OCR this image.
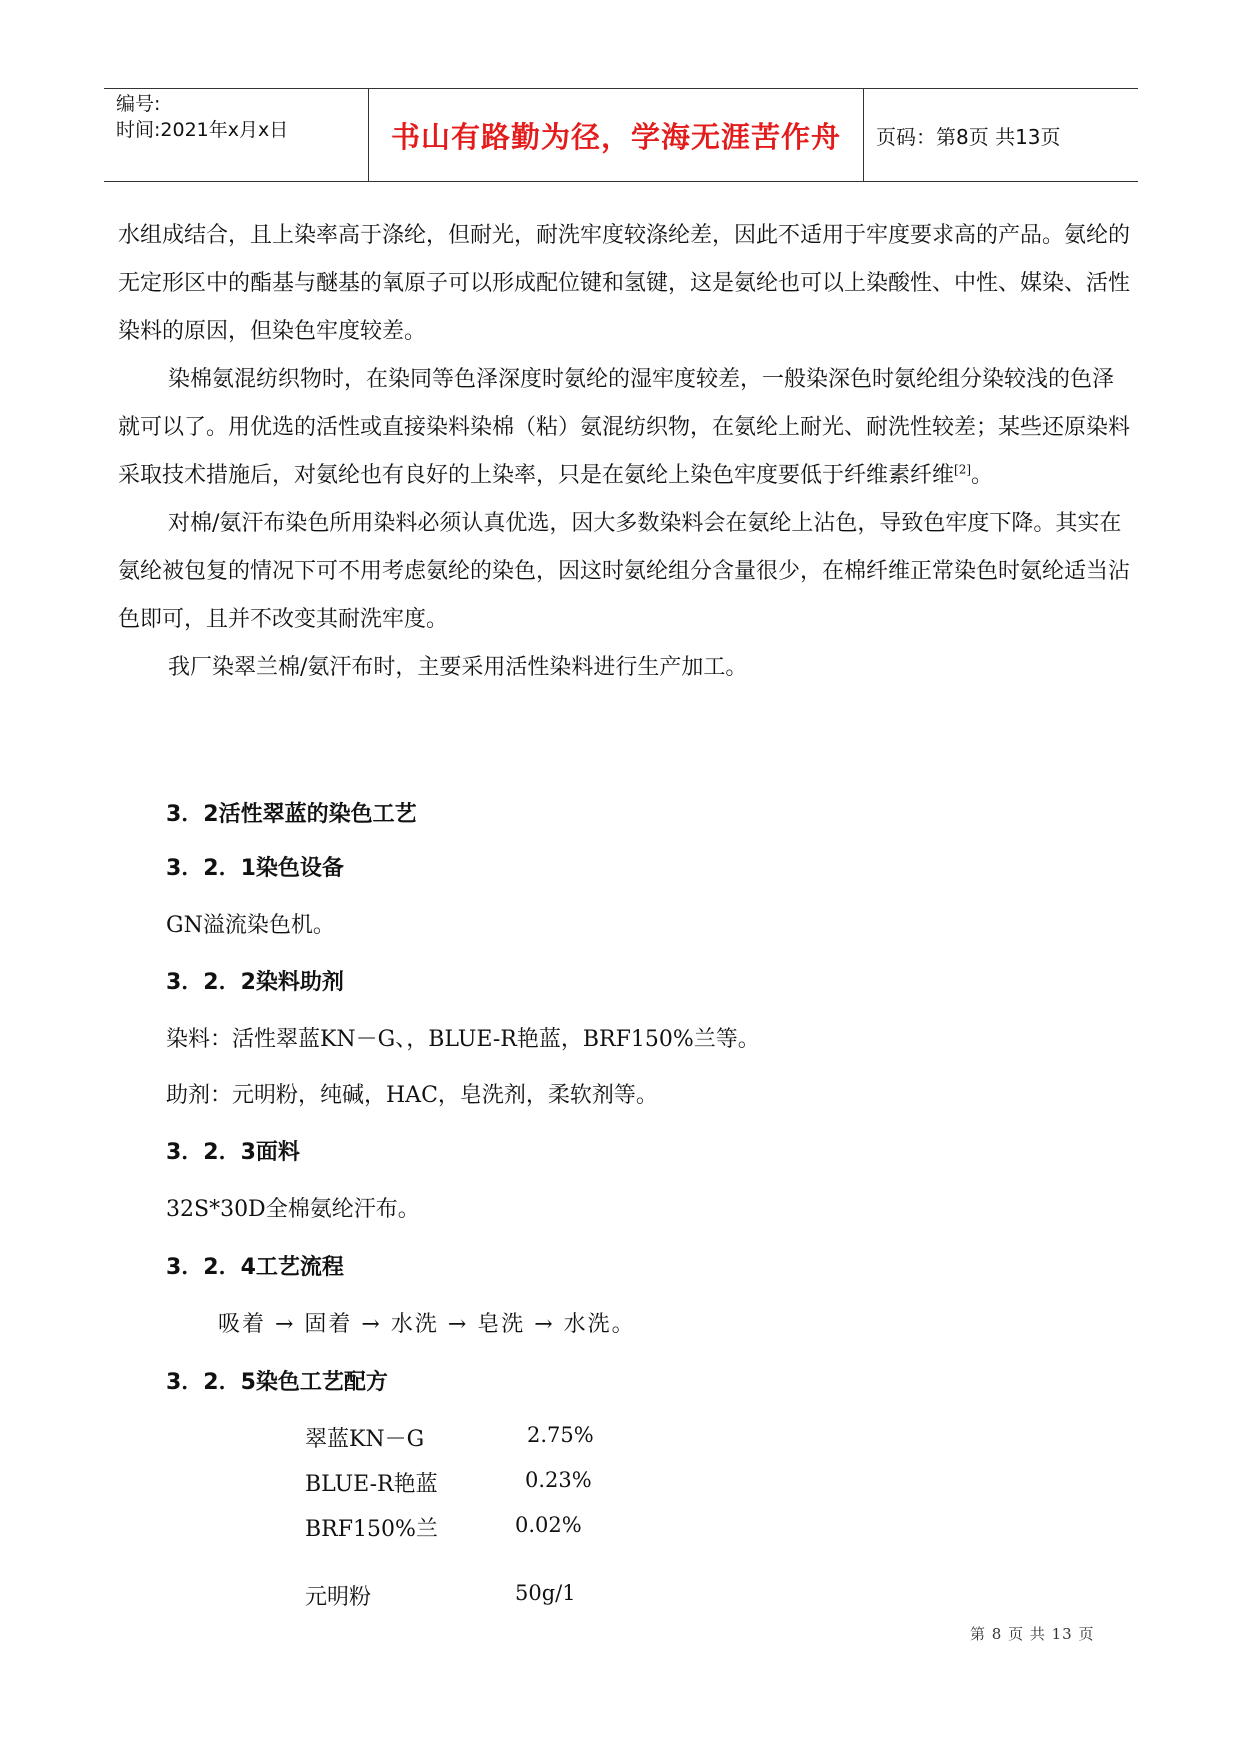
编号:
时间:2021年x月x日	书山有路勤为径，学海无涯苦作舟 页码：第8页 共13页

水组成结合，且上染率高于涤纶，但耐光，耐洗牢度较涤纶差，因此不适用于牢度要求高的产品。氨纶的无定形区中的酯基与醚基的氧原子可以形成配位键和氢键，这是氨纶也可以上染酸性、中性、媒染、活性染料的原因，但染色牢度较差。

染棉氨混纺织物时，在染同等色泽深度时氨纶的湿牢度较差，一般染深色时氨纶组分染较浅的色泽就可以了。用优选的活性或直接染料染棉（粘）氨混纺织物，在氨纶上耐光、耐洗性较差；某些还原染料采取技术措施后，对氨纶也有良好的上染率，只是在氨纶上染色牢度要低于纤维素纤维[2]。

对棉/氨汗布染色所用染料必须认真优选，因大多数染料会在氨纶上沾色，导致色牢度下降。其实在氨纶被包复的情况下可不用考虑氨纶的染色，因这时氨纶组分含量很少，在棉纤维正常染色时氨纶适当沾色即可，且并不改变其耐洗牢度。

我厂染翠兰棉/氨汗布时，主要采用活性染料进行生产加工。

3．2活性翠蓝的染色工艺
3．2．1染色设备
GN溢流染色机。
3．2．2染料助剂
染料：活性翠蓝KN－G、，BLUE-R艳蓝，BRF150%兰等。
助剂：元明粉，纯碱，HAC，皂洗剂，柔软剂等。
3．2．3面料
32S*30D全棉氨纶汗布。
3．2．4工艺流程
吸着 → 固着 → 水洗 → 皂洗 → 水洗。
3．2．5染色工艺配方
翠蓝KN－G	2.75%
BLUE-R艳蓝	0.23%
BRF150%兰	0.02%
元明粉	50g/1
第 8 页 共 13 页
